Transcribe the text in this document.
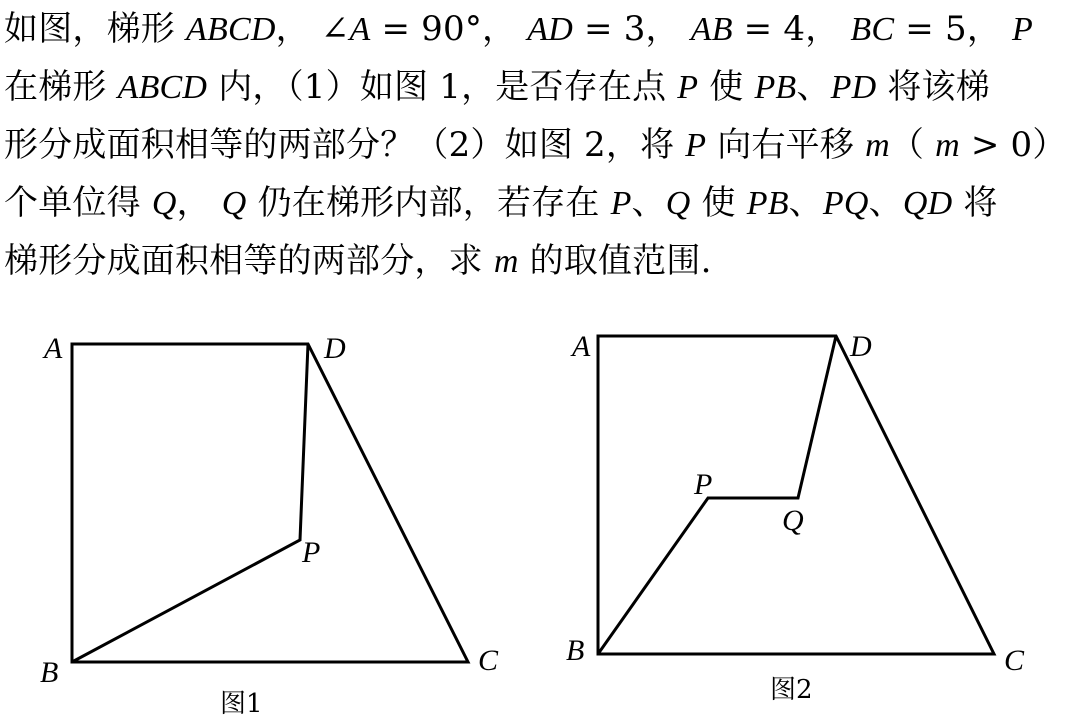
如图，梯形 ABCD， ∠A = 90°， AD = 3， AB = 4， BC = 5， P
在梯形 ABCD 内，（1）如图 1，是否存在点 P 使 PB、PD 将该梯
形分成面积相等的两部分？（2）如图 2，将 P 向右平移 m（ m > 0）
个单位得 Q， Q 仍在梯形内部，若存在 P、Q 使 PB、PQ、QD 将
梯形分成面积相等的两部分，求 m 的取值范围.
A	D
P
B	C
图1
A	D
P
Q
B	C
图2
